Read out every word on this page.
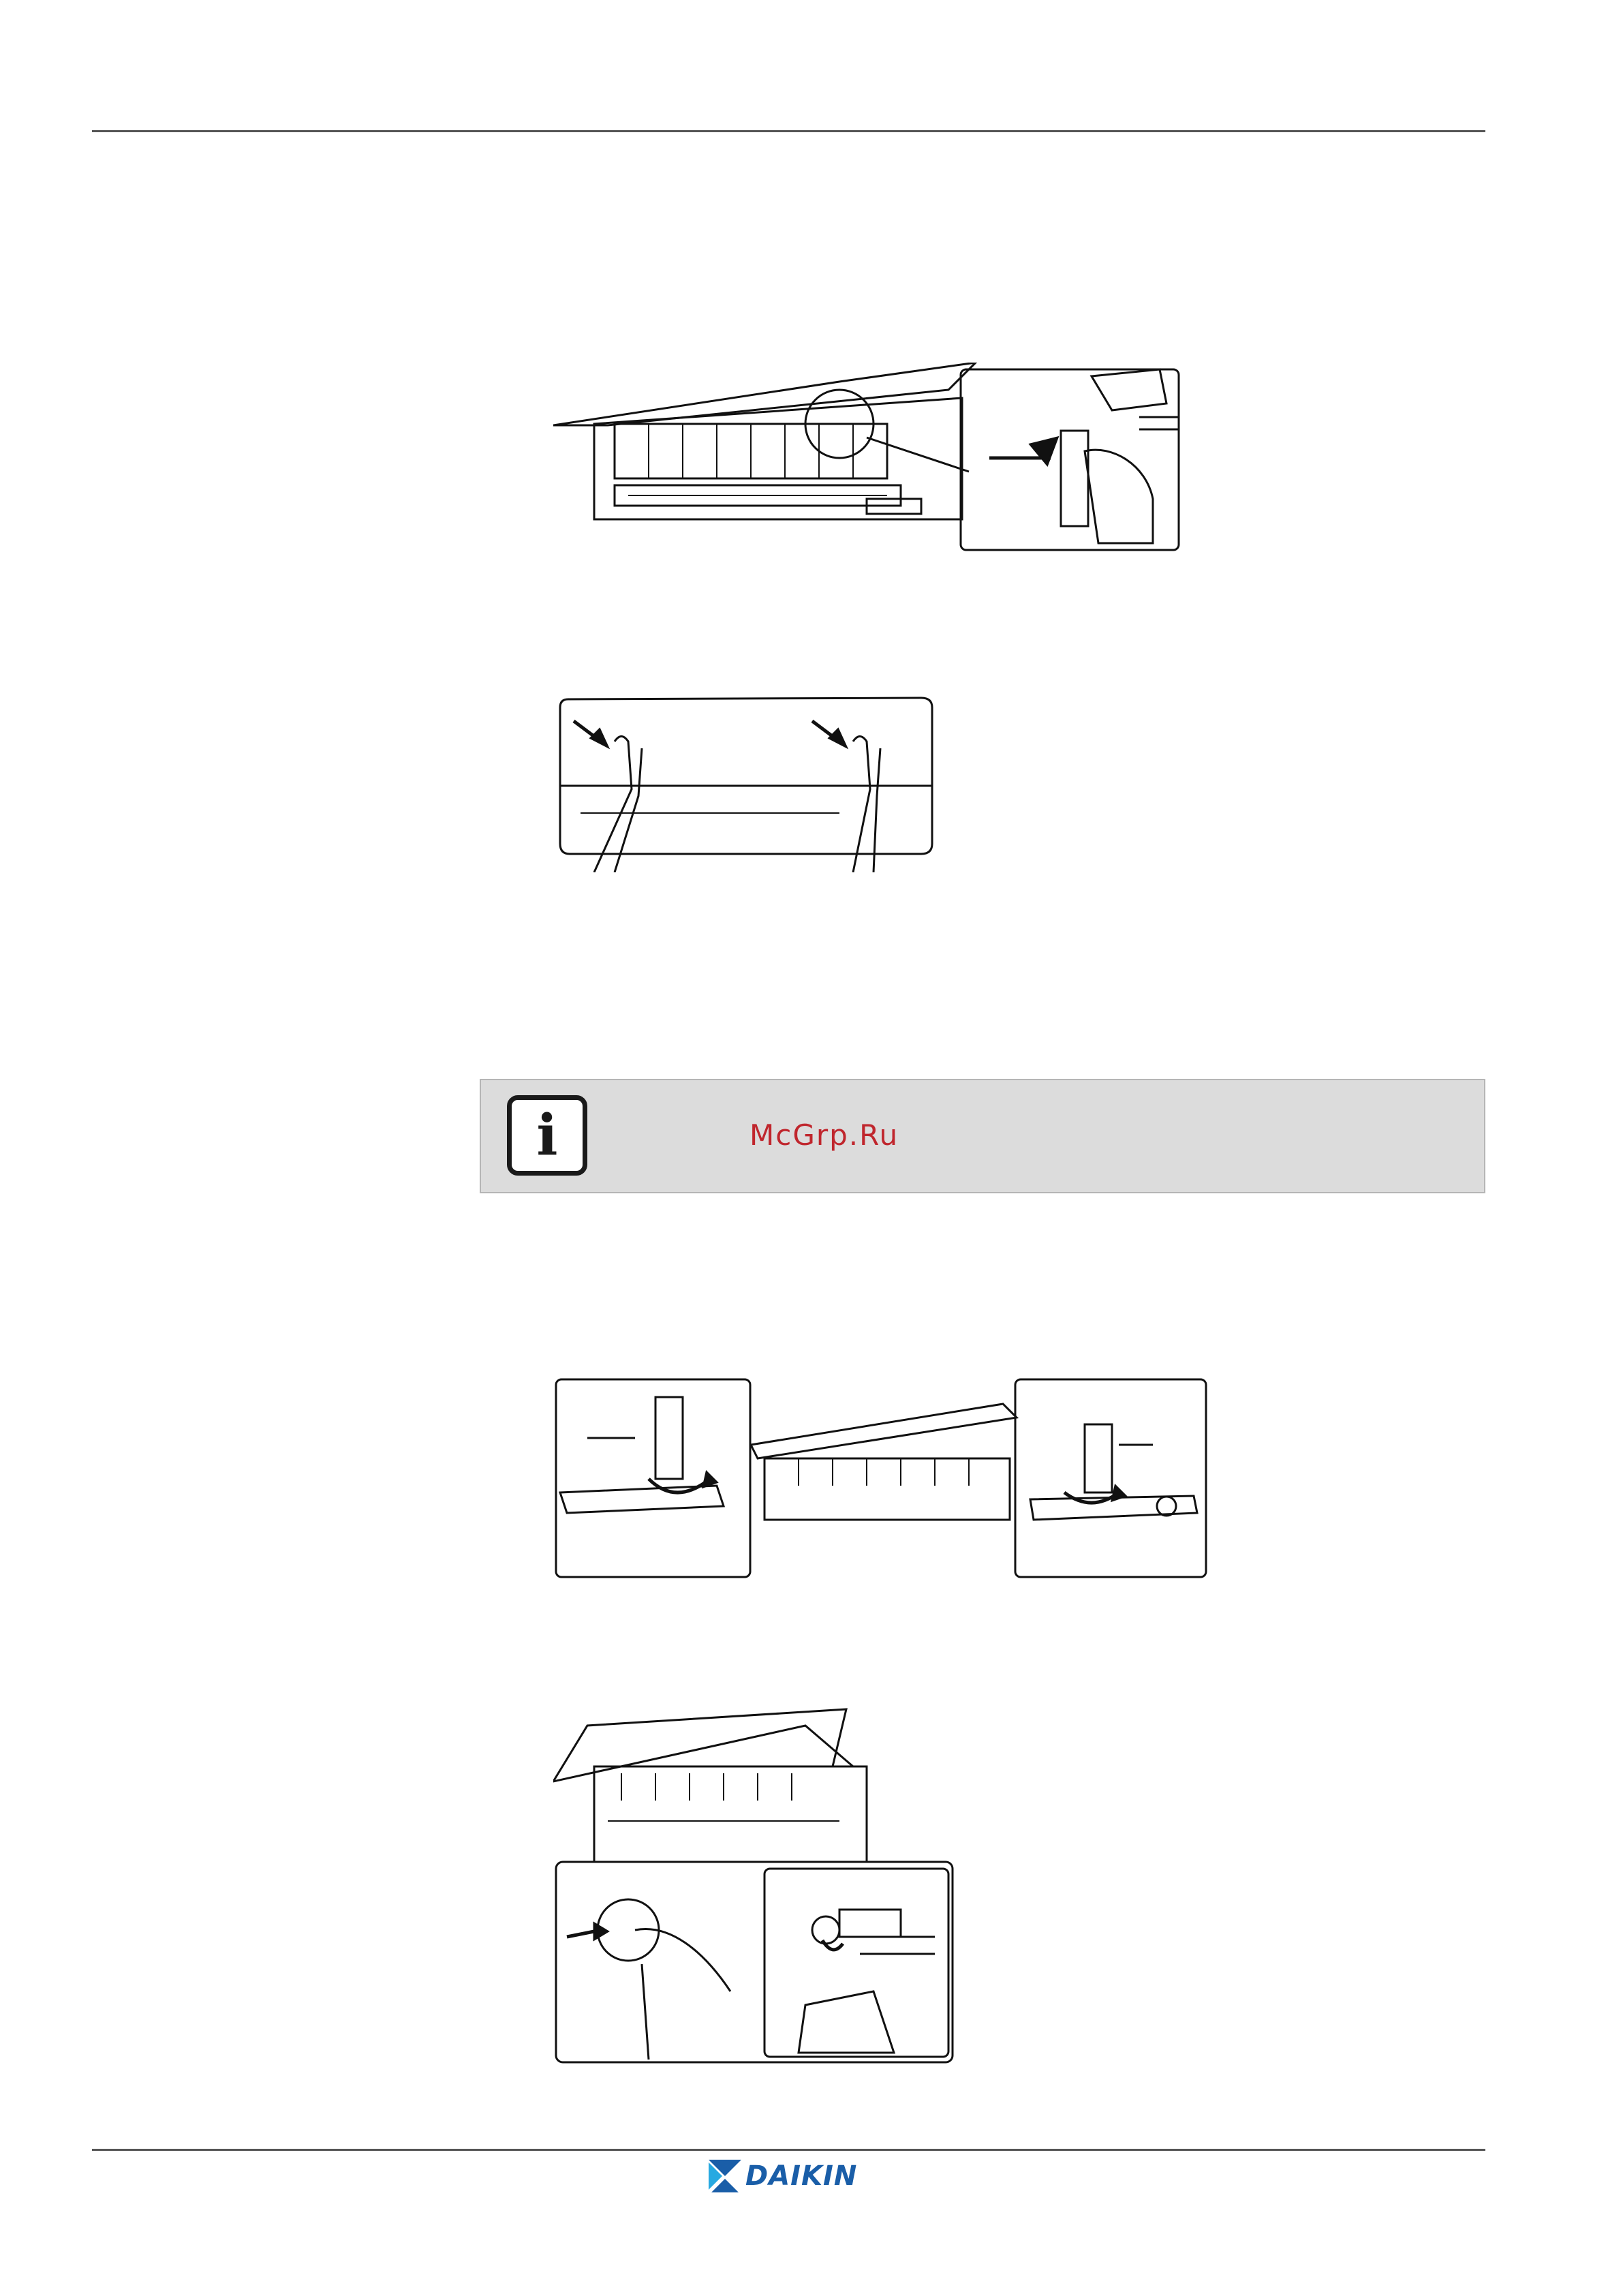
i	McGrp.Ru
DAIKIN
